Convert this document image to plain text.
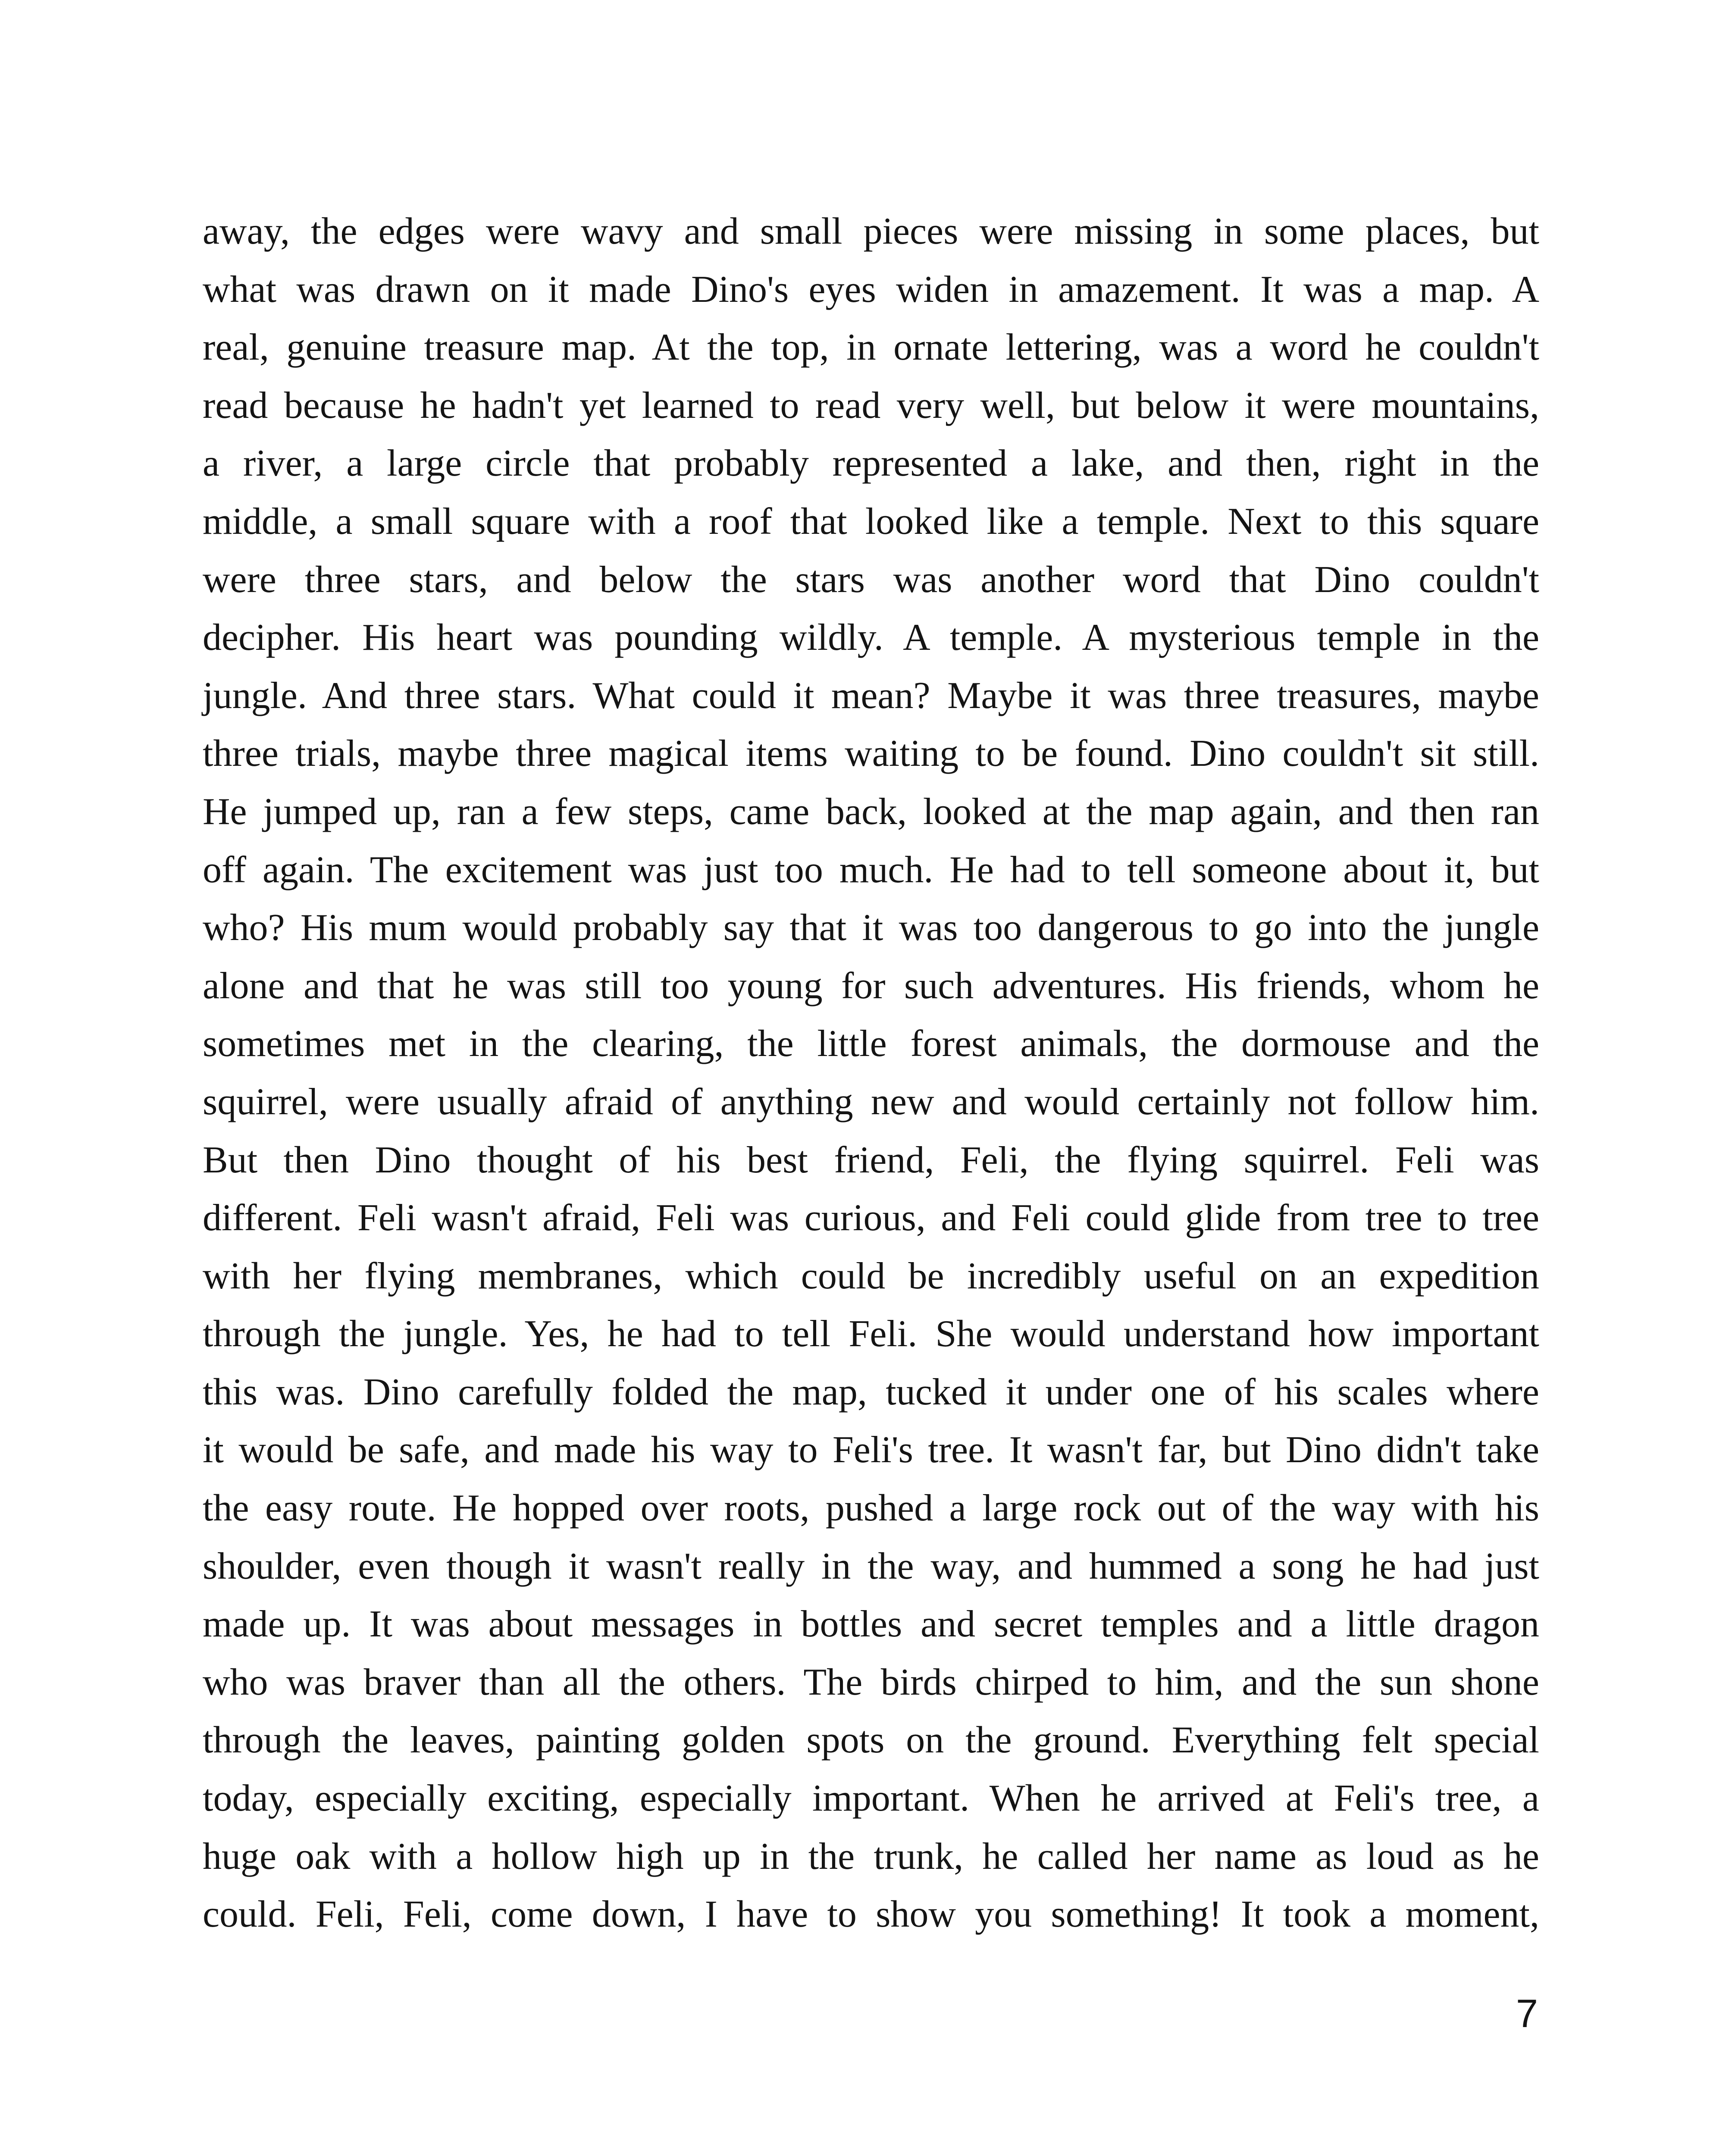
away, the edges were wavy and small pieces were missing in some places, but
what was drawn on it made Dino's eyes widen in amazement. It was a map. A
real, genuine treasure map. At the top, in ornate lettering, was a word he couldn't
read because he hadn't yet learned to read very well, but below it were mountains,
a river, a large circle that probably represented a lake, and then, right in the
middle, a small square with a roof that looked like a temple. Next to this square
were three stars, and below the stars was another word that Dino couldn't
decipher. His heart was pounding wildly. A temple. A mysterious temple in the
jungle. And three stars. What could it mean? Maybe it was three treasures, maybe
three trials, maybe three magical items waiting to be found. Dino couldn't sit still.
He jumped up, ran a few steps, came back, looked at the map again, and then ran
off again. The excitement was just too much. He had to tell someone about it, but
who? His mum would probably say that it was too dangerous to go into the jungle
alone and that he was still too young for such adventures. His friends, whom he
sometimes met in the clearing, the little forest animals, the dormouse and the
squirrel, were usually afraid of anything new and would certainly not follow him.
But then Dino thought of his best friend, Feli, the flying squirrel. Feli was
different. Feli wasn't afraid, Feli was curious, and Feli could glide from tree to tree
with her flying membranes, which could be incredibly useful on an expedition
through the jungle. Yes, he had to tell Feli. She would understand how important
this was. Dino carefully folded the map, tucked it under one of his scales where
it would be safe, and made his way to Feli's tree. It wasn't far, but Dino didn't take
the easy route. He hopped over roots, pushed a large rock out of the way with his
shoulder, even though it wasn't really in the way, and hummed a song he had just
made up. It was about messages in bottles and secret temples and a little dragon
who was braver than all the others. The birds chirped to him, and the sun shone
through the leaves, painting golden spots on the ground. Everything felt special
today, especially exciting, especially important. When he arrived at Feli's tree, a
huge oak with a hollow high up in the trunk, he called her name as loud as he
could. Feli, Feli, come down, I have to show you something! It took a moment,
7
